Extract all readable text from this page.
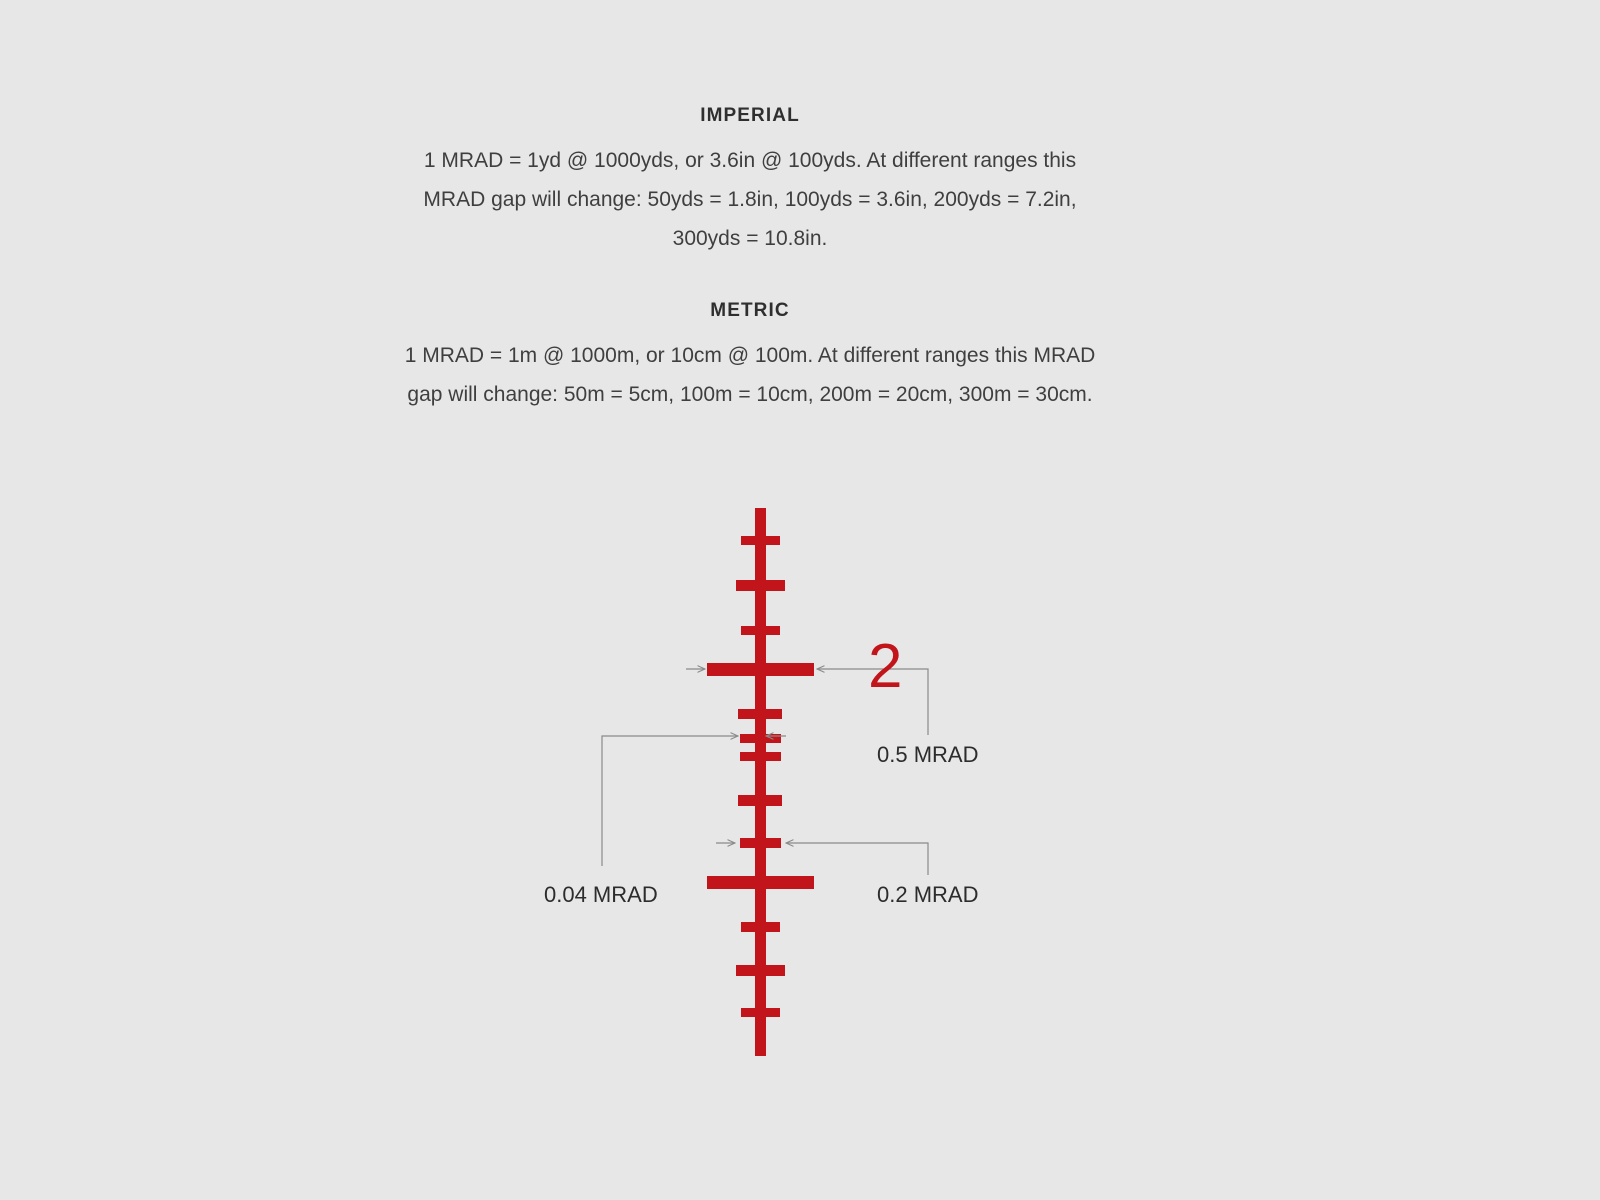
IMPERIAL

1 MRAD = 1yd @ 1000yds, or 3.6in @ 100yds. At different ranges this MRAD gap will change: 50yds = 1.8in, 100yds = 3.6in, 200yds = 7.2in, 300yds = 10.8in.

METRIC

1 MRAD = 1m @ 1000m, or 10cm @ 100m. At different ranges this MRAD gap will change: 50m = 5cm, 100m = 10cm, 200m = 20cm, 300m = 30cm.

2
0.5 MRAD
0.2 MRAD
0.04 MRAD
